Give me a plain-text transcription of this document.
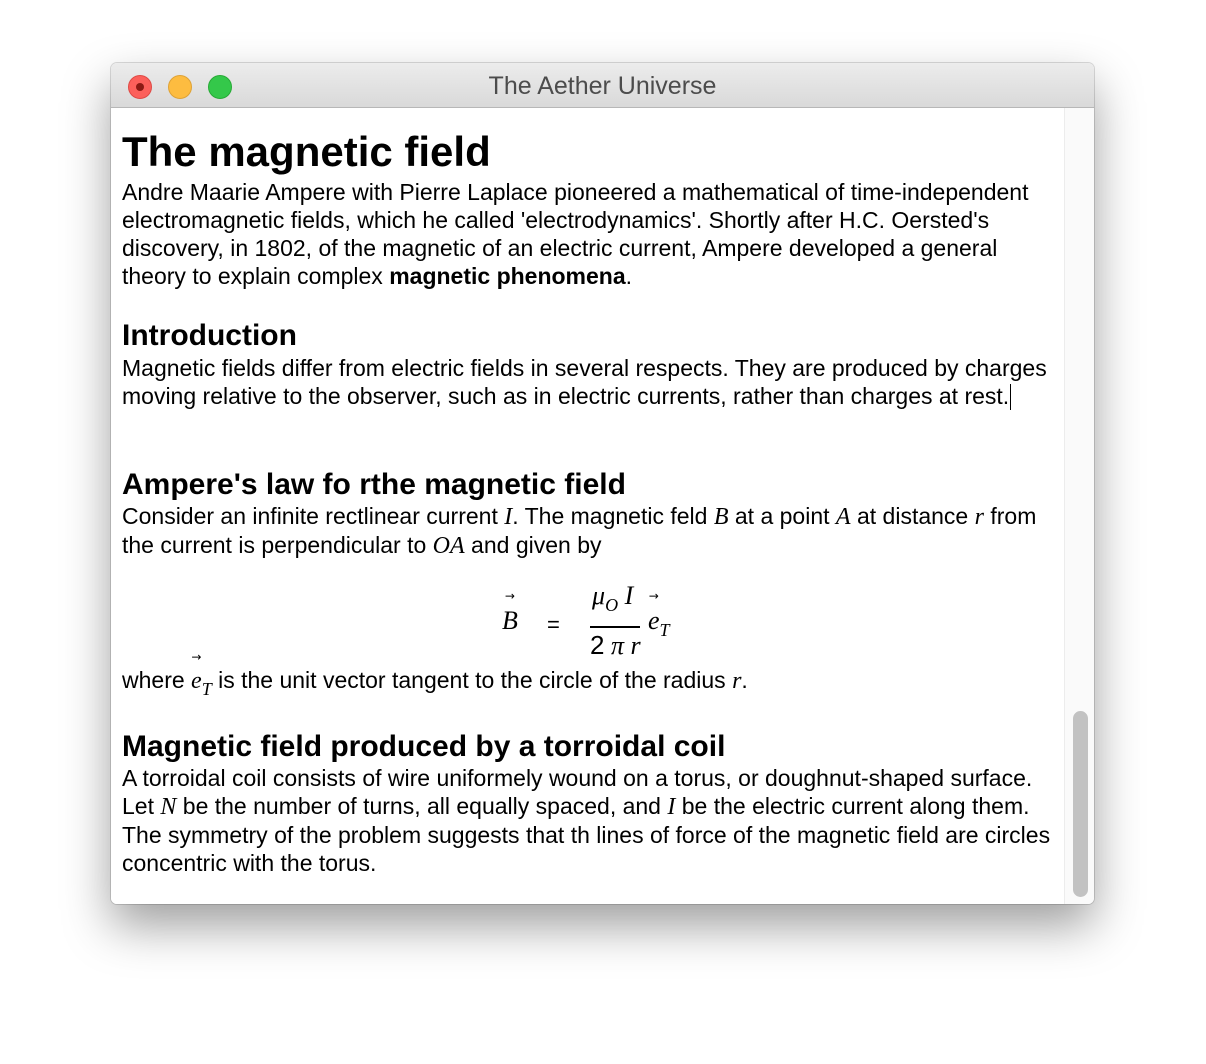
The Aether Universe
The magnetic field

Andre Maarie Ampere with Pierre Laplace pioneered a mathematical of time-independent electromagnetic fields, which he called 'electrodynamics'. Shortly after H.C. Oersted's discovery, in 1802, of the magnetic of an electric current, Ampere developed a general theory to explain complex magnetic phenomena.

Introduction

Magnetic fields differ from electric fields in several respects. They are produced by charges moving relative to the observer, such as in electric currents, rather than charges at rest.

Ampere's law fo rthe magnetic field

Consider an infinite rectlinear current I. The magnetic feld B at a point A at distance r from the current is perpendicular to OA and given by

→
B =
$\mu_O$ I
2 π r
→
$e_T$

where
→
$e_T$ is the unit vector tangent to the circle of the radius r.

Magnetic field produced by a torroidal coil

A torroidal coil consists of wire uniformely wound on a torus, or doughnut-shaped surface. Let N be the number of turns, all equally spaced, and I be the electric current along them. The symmetry of the problem suggests that th lines of force of the magnetic field are circles concentric with the torus.
